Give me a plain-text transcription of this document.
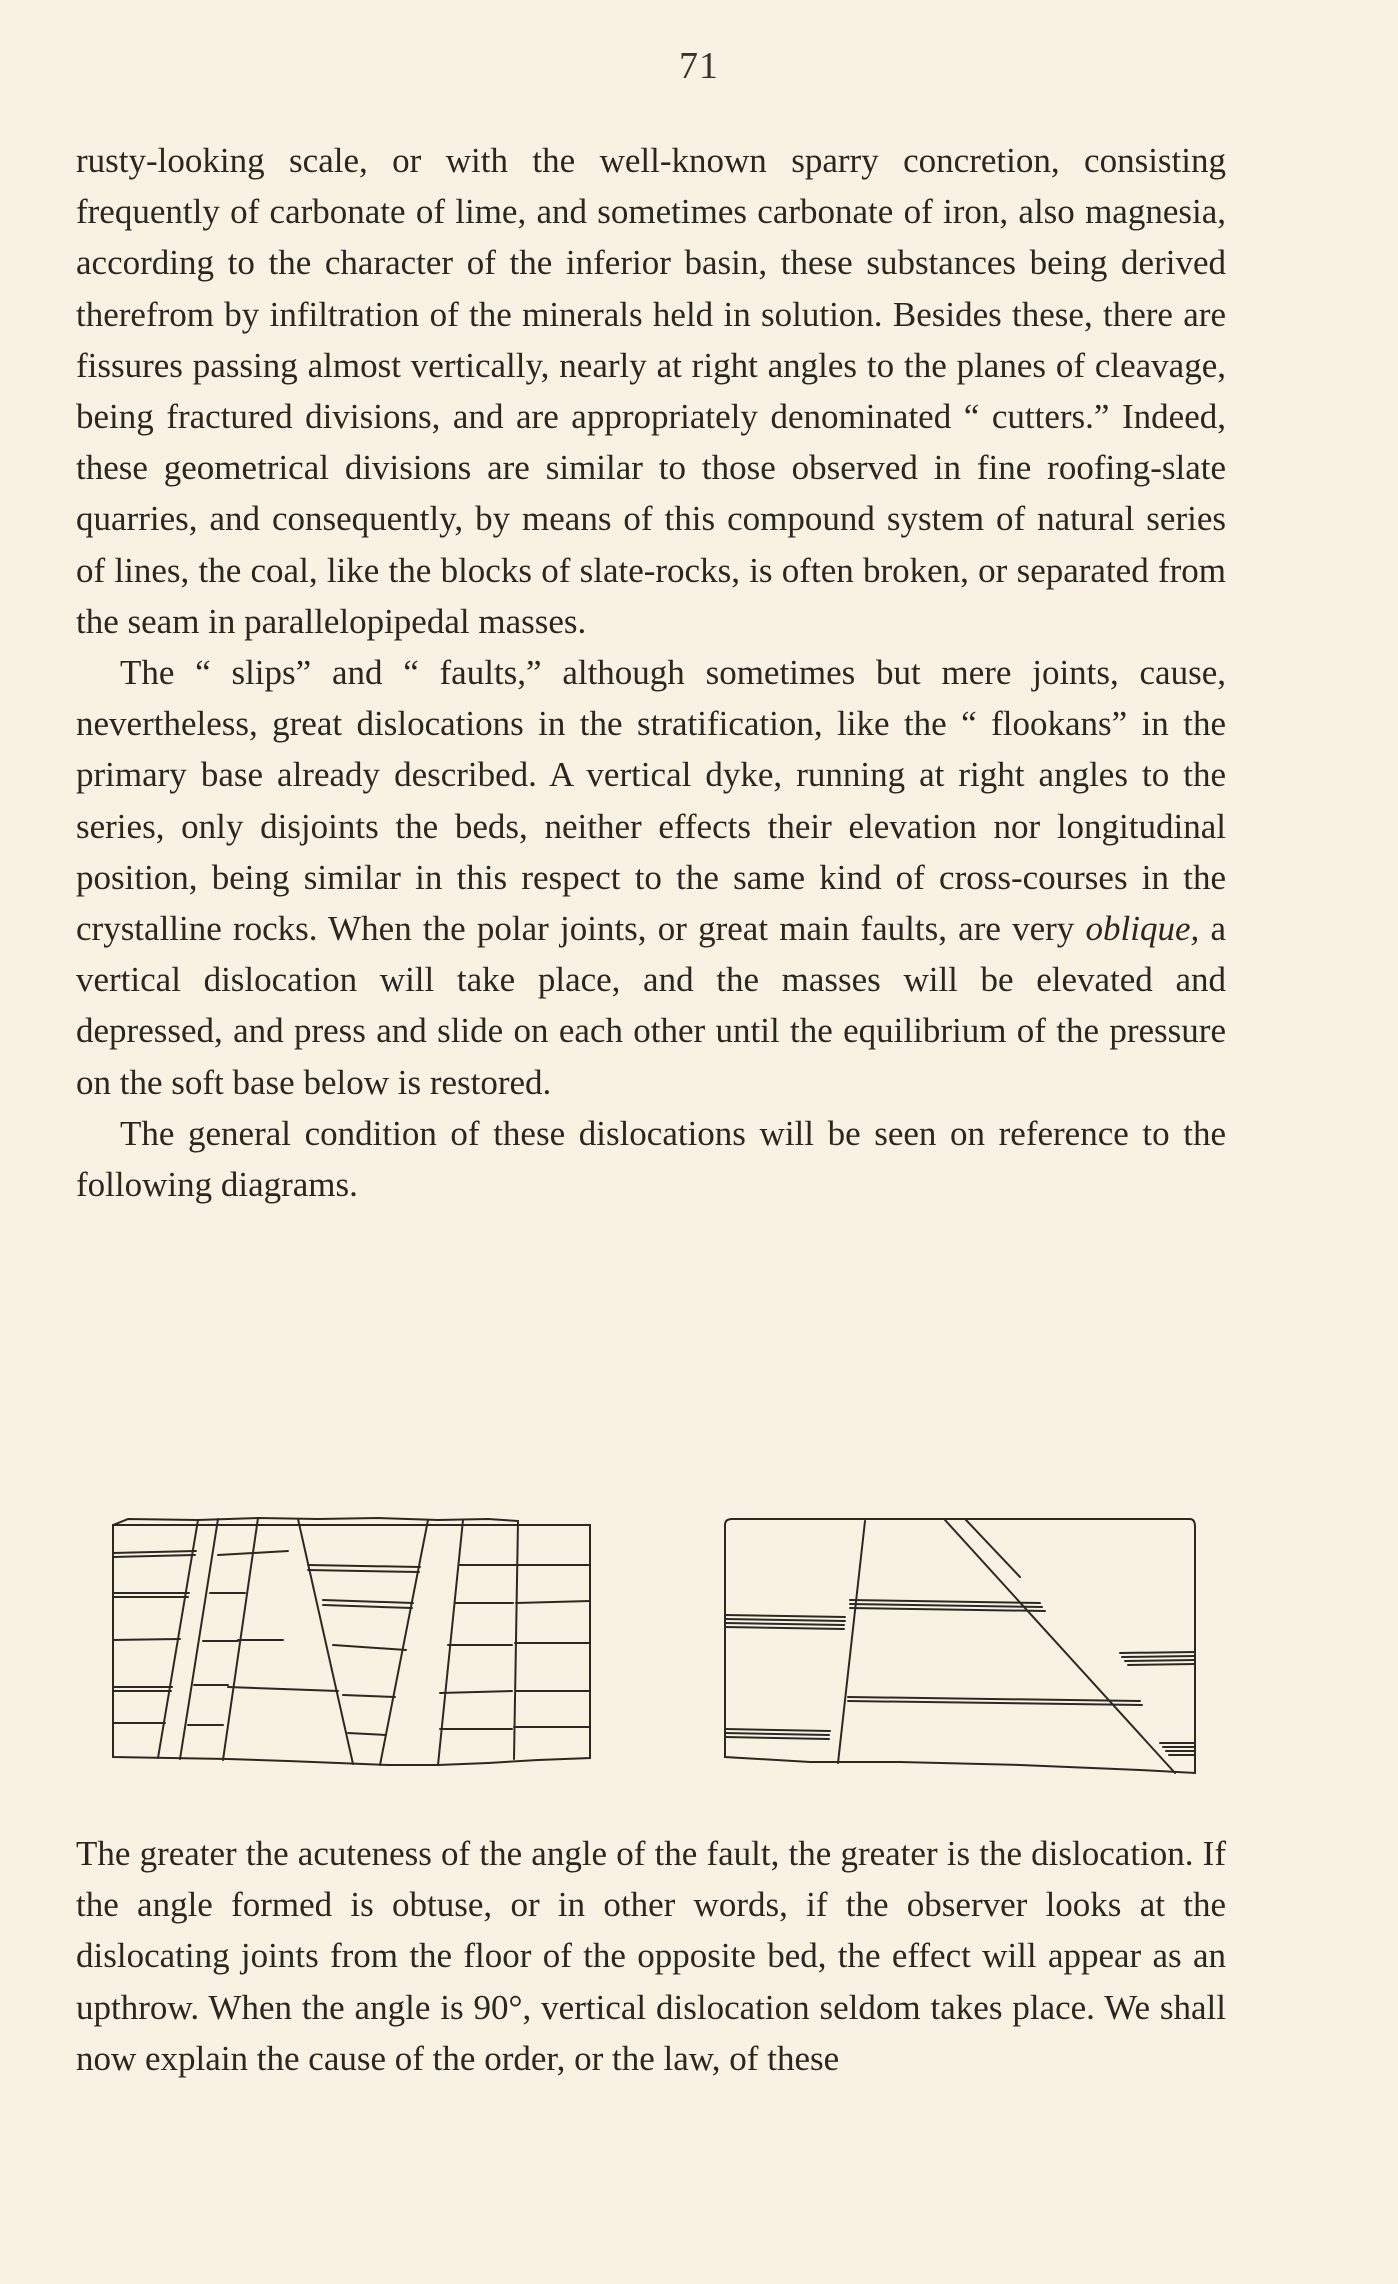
71

rusty-looking scale, or with the well-known sparry concretion, consisting frequently of carbonate of lime, and sometimes carbonate of iron, also magnesia, according to the character of the inferior basin, these substances being derived therefrom by infiltration of the minerals held in solution. Besides these, there are fissures passing almost vertically, nearly at right angles to the planes of cleavage, being fractured divisions, and are appropriately denominated “ cutters.” Indeed, these geometrical divisions are similar to those observed in fine roofing-slate quarries, and consequently, by means of this compound system of natural series of lines, the coal, like the blocks of slate-rocks, is often broken, or separated from the seam in parallelopipedal masses.

The “ slips” and “ faults,” although sometimes but mere joints, cause, nevertheless, great dislocations in the stratification, like the “ flookans” in the primary base already described. A vertical dyke, running at right angles to the series, only disjoints the beds, neither effects their elevation nor longitudinal position, being similar in this respect to the same kind of cross-courses in the crystalline rocks. When the polar joints, or great main faults, are very oblique, a vertical dislocation will take place, and the masses will be elevated and depressed, and press and slide on each other until the equilibrium of the pressure on the soft base below is restored.

The general condition of these dislocations will be seen on reference to the following diagrams.

The greater the acuteness of the angle of the fault, the greater is the dislocation. If the angle formed is obtuse, or in other words, if the observer looks at the dislocating joints from the floor of the opposite bed, the effect will appear as an upthrow. When the angle is 90°, vertical dislocation seldom takes place. We shall now explain the cause of the order, or the law, of these
